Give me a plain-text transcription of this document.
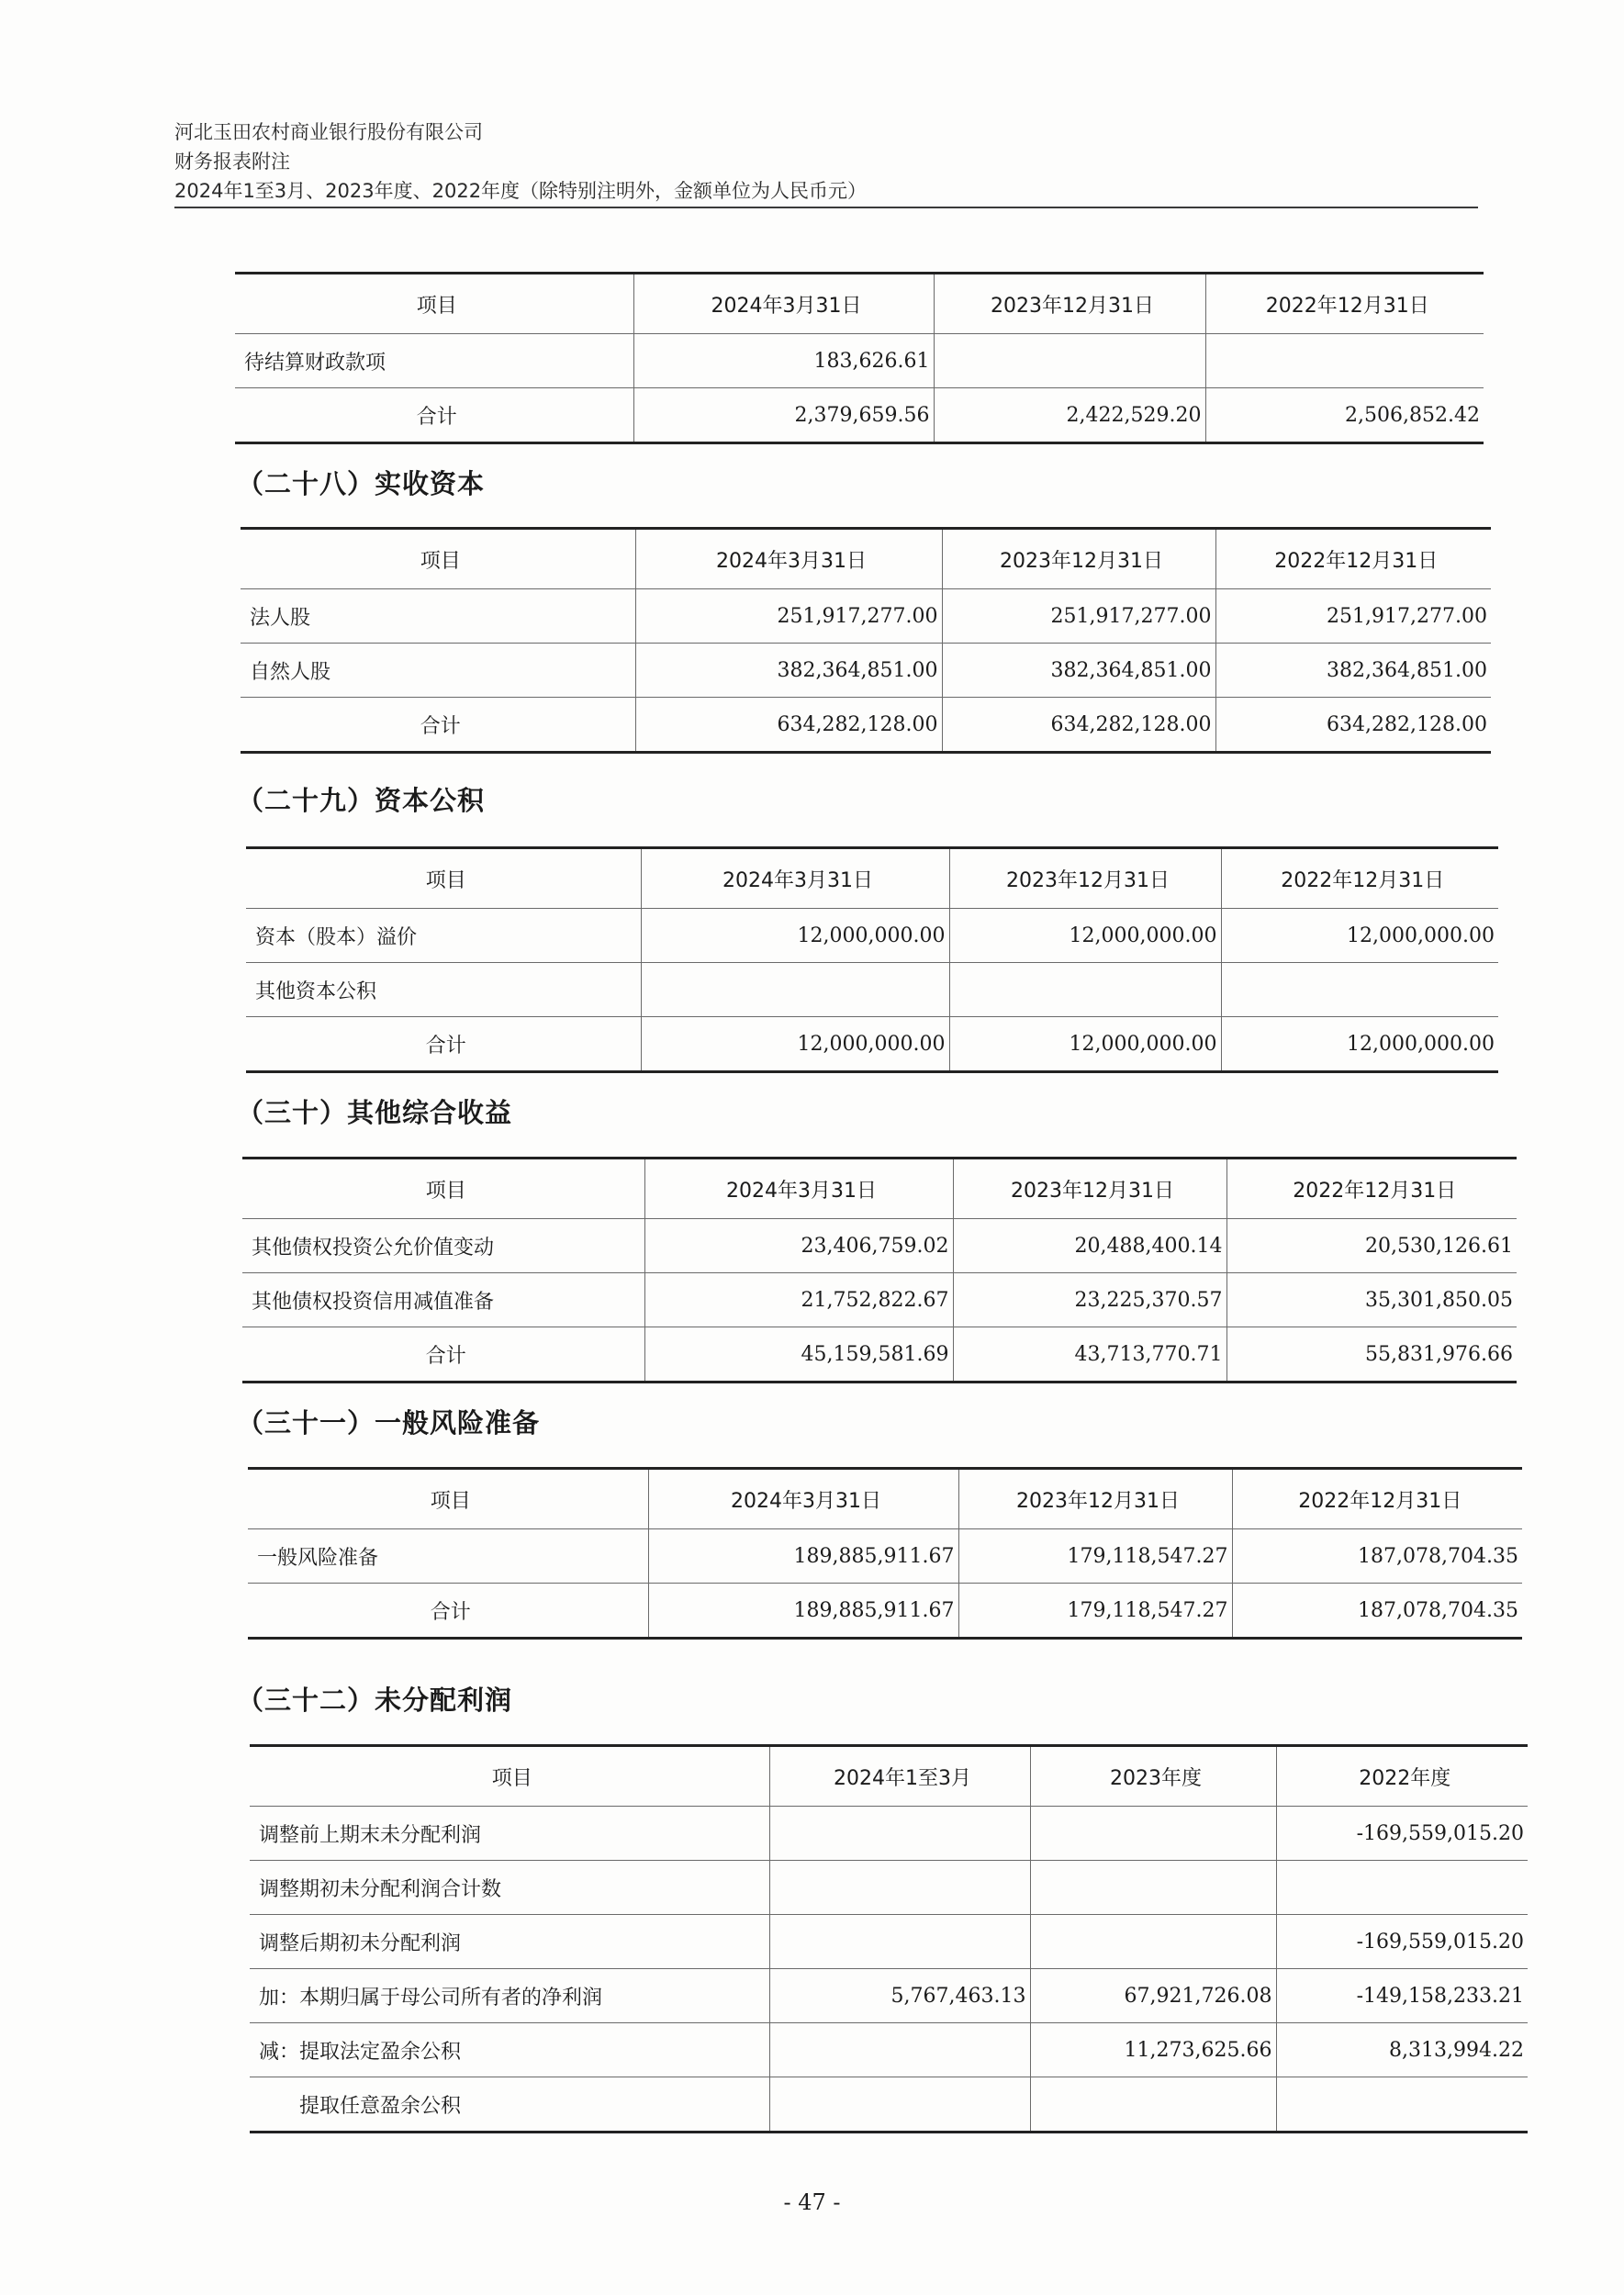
河北玉田农村商业银行股份有限公司
财务报表附注
2024年1至3月、2023年度、2022年度（除特别注明外，金额单位为人民币元）
项目	2024年3月31日	2023年12月31日	2022年12月31日
待结算财政款项	183,626.61		
合计	2,379,659.56	2,422,529.20	2,506,852.42
（二十八）实收资本
项目	2024年3月31日	2023年12月31日	2022年12月31日
法人股	251,917,277.00	251,917,277.00	251,917,277.00
自然人股	382,364,851.00	382,364,851.00	382,364,851.00
合计	634,282,128.00	634,282,128.00	634,282,128.00
（二十九）资本公积
项目	2024年3月31日	2023年12月31日	2022年12月31日
资本（股本）溢价	12,000,000.00	12,000,000.00	12,000,000.00
其他资本公积			
合计	12,000,000.00	12,000,000.00	12,000,000.00
（三十）其他综合收益
项目	2024年3月31日	2023年12月31日	2022年12月31日
其他债权投资公允价值变动	23,406,759.02	20,488,400.14	20,530,126.61
其他债权投资信用减值准备	21,752,822.67	23,225,370.57	35,301,850.05
合计	45,159,581.69	43,713,770.71	55,831,976.66
（三十一）一般风险准备
项目	2024年3月31日	2023年12月31日	2022年12月31日
一般风险准备	189,885,911.67	179,118,547.27	187,078,704.35
合计	189,885,911.67	179,118,547.27	187,078,704.35
（三十二）未分配利润
项目	2024年1至3月	2023年度	2022年度
调整前上期末未分配利润			-169,559,015.20
调整期初未分配利润合计数			
调整后期初未分配利润			-169,559,015.20
加：本期归属于母公司所有者的净利润	5,767,463.13	67,921,726.08	-149,158,233.21
减：提取法定盈余公积		11,273,625.66	8,313,994.22
　　提取任意盈余公积			
- 47 -
